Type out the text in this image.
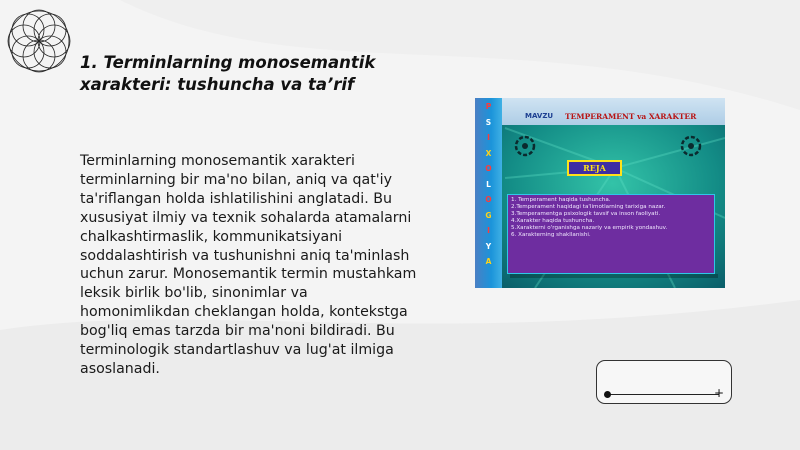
1. Terminlarning monosemantik xarakteri: tushuncha va ta’rif
Terminlarning monosemantik xarakteri terminlarning bir ma'no bilan, aniq va qat'iy ta'riflangan holda ishlatilishini anglatadi. Bu xususiyat ilmiy va texnik sohalarda atamalarni chalkashtirmaslik, kommunikatsiyani soddalashtirish va tushunishni aniq ta'minlash uchun zarur. Monosemantik termin mustahkam leksik birlik bo'lib, sinonimlar va homonimlikdan cheklangan holda, kontekstga bog'liq emas tarzda bir ma'noni bildiradi. Bu terminologik standartlashuv va lug'at ilmiga asoslanadi.
P
S
I
X
O
L
O
G
I
Y
A
MAVZU TEMPERAMENT va XARAKTER
REJA
1. Temperament haqida tushuncha.
2.Temperament haqidagi ta'limotlarning tarixiga nazar.
3.Temperamentga psixologik tavsif va inson faoliyati.
4.Xarakter haqida tushuncha.
5.Xarakterni o'rganishga nazariy va empirik yondashuv.
6. Xarakterning shakllanishi.
+
